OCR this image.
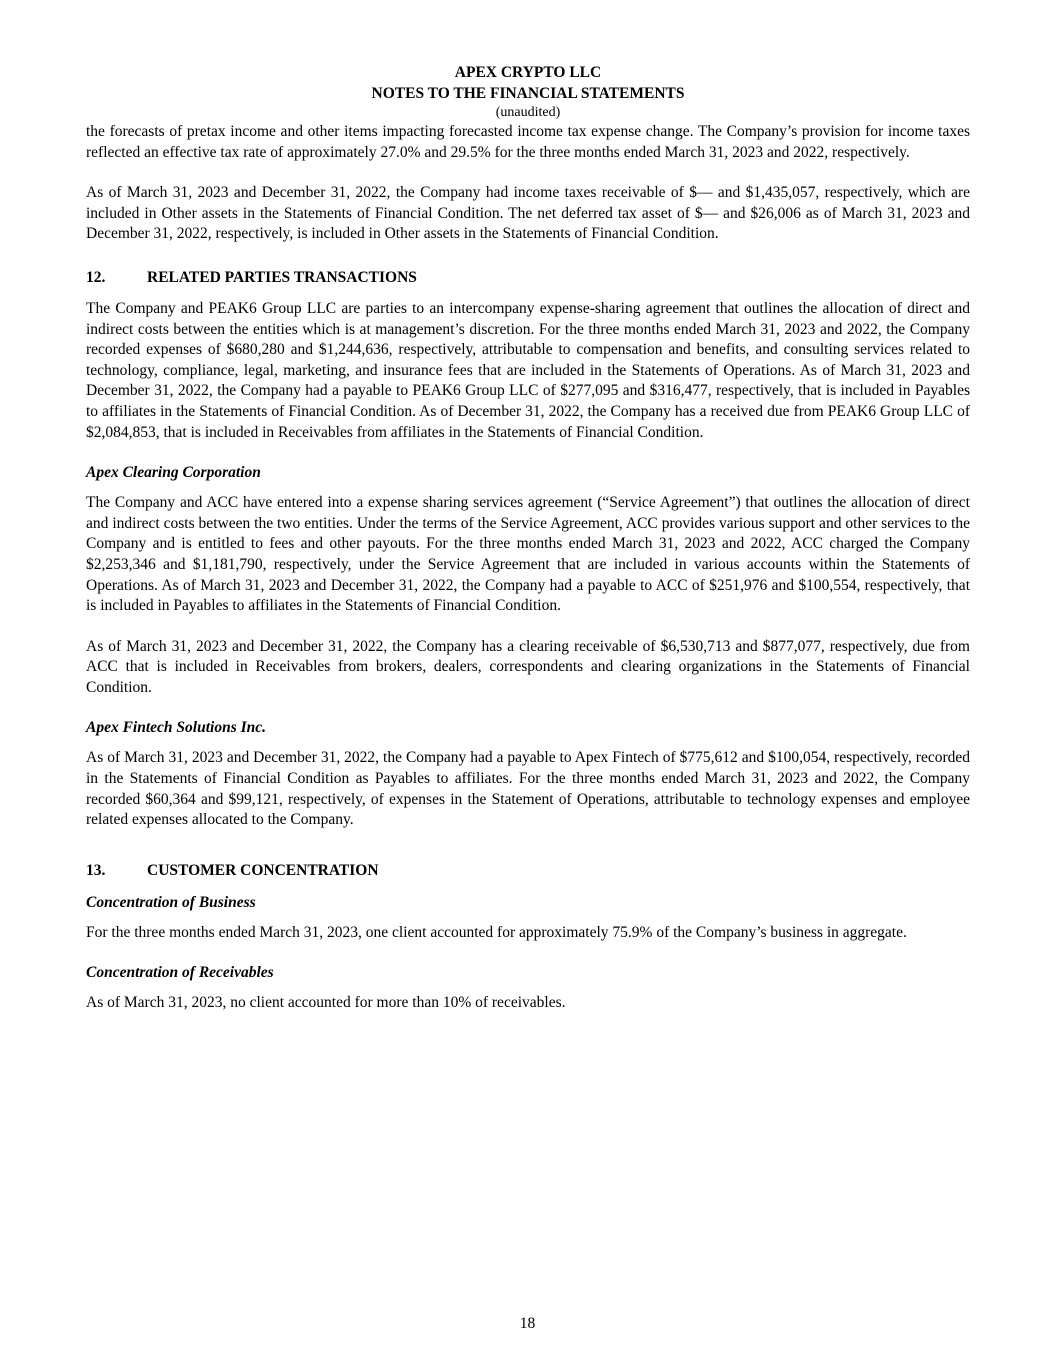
APEX CRYPTO LLC
NOTES TO THE FINANCIAL STATEMENTS
(unaudited)

the forecasts of pretax income and other items impacting forecasted income tax expense change. The Company’s provision for income taxes reflected an effective tax rate of approximately 27.0% and 29.5% for the three months ended March 31, 2023 and 2022, respectively.

As of March 31, 2023 and December 31, 2022, the Company had income taxes receivable of $— and $1,435,057, respectively, which are included in Other assets in the Statements of Financial Condition. The net deferred tax asset of $— and $26,006 as of March 31, 2023 and December 31, 2022, respectively, is included in Other assets in the Statements of Financial Condition.

12.	RELATED PARTIES TRANSACTIONS

The Company and PEAK6 Group LLC are parties to an intercompany expense-sharing agreement that outlines the allocation of direct and indirect costs between the entities which is at management’s discretion. For the three months ended March 31, 2023 and 2022, the Company recorded expenses of $680,280 and $1,244,636, respectively, attributable to compensation and benefits, and consulting services related to technology, compliance, legal, marketing, and insurance fees that are included in the Statements of Operations. As of March 31, 2023 and December 31, 2022, the Company had a payable to PEAK6 Group LLC of $277,095 and $316,477, respectively, that is included in Payables to affiliates in the Statements of Financial Condition. As of December 31, 2022, the Company has a received due from PEAK6 Group LLC of $2,084,853, that is included in Receivables from affiliates in the Statements of Financial Condition.

Apex Clearing Corporation

The Company and ACC have entered into a expense sharing services agreement (“Service Agreement”) that outlines the allocation of direct and indirect costs between the two entities. Under the terms of the Service Agreement, ACC provides various support and other services to the Company and is entitled to fees and other payouts. For the three months ended March 31, 2023 and 2022, ACC charged the Company $2,253,346 and $1,181,790, respectively, under the Service Agreement that are included in various accounts within the Statements of Operations. As of March 31, 2023 and December 31, 2022, the Company had a payable to ACC of $251,976 and $100,554, respectively, that is included in Payables to affiliates in the Statements of Financial Condition.

As of March 31, 2023 and December 31, 2022, the Company has a clearing receivable of $6,530,713 and $877,077, respectively, due from ACC that is included in Receivables from brokers, dealers, correspondents and clearing organizations in the Statements of Financial Condition.

Apex Fintech Solutions Inc.

As of March 31, 2023 and December 31, 2022, the Company had a payable to Apex Fintech of $775,612 and $100,054, respectively, recorded in the Statements of Financial Condition as Payables to affiliates. For the three months ended March 31, 2023 and 2022, the Company recorded $60,364 and $99,121, respectively, of expenses in the Statement of Operations, attributable to technology expenses and employee related expenses allocated to the Company.

13.	CUSTOMER CONCENTRATION
Concentration of Business

For the three months ended March 31, 2023, one client accounted for approximately 75.9% of the Company’s business in aggregate.

Concentration of Receivables

As of March 31, 2023, no client accounted for more than 10% of receivables.

18
